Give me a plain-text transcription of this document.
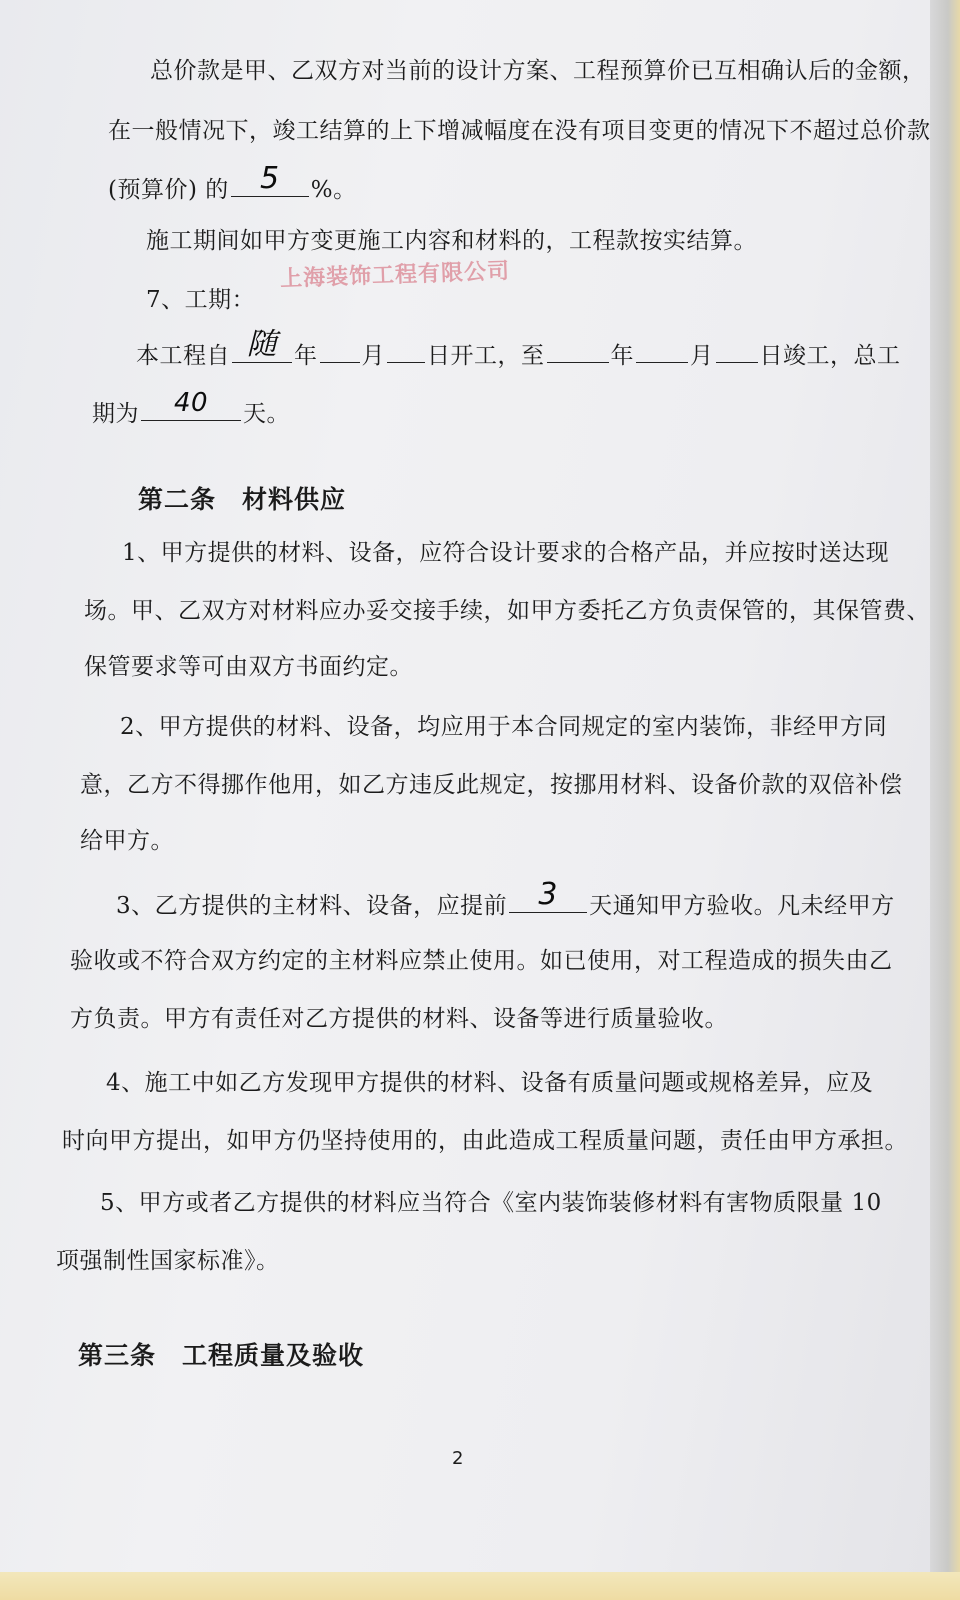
上海装饰工程有限公司
总价款是甲、乙双方对当前的设计方案、工程预算价已互相确认后的金额，
在一般情况下，竣工结算的上下增减幅度在没有项目变更的情况下不超过总价款
(预算价) 的 5 %。
施工期间如甲方变更施工内容和材料的，工程款按实结算。
7、工期：
本工程自 随 年 月 日开工，至	年 月 日竣工，总工
期为 40 天。
第二条　材料供应
1、甲方提供的材料、设备，应符合设计要求的合格产品，并应按时送达现
场。甲、乙双方对材料应办妥交接手续，如甲方委托乙方负责保管的，其保管费、
保管要求等可由双方书面约定。
2、甲方提供的材料、设备，均应用于本合同规定的室内装饰，非经甲方同
意，乙方不得挪作他用，如乙方违反此规定，按挪用材料、设备价款的双倍补偿
给甲方。
3、乙方提供的主材料、设备，应提前 3 天通知甲方验收。凡未经甲方
验收或不符合双方约定的主材料应禁止使用。如已使用，对工程造成的损失由乙
方负责。甲方有责任对乙方提供的材料、设备等进行质量验收。
4、施工中如乙方发现甲方提供的材料、设备有质量问题或规格差异，应及
时向甲方提出，如甲方仍坚持使用的，由此造成工程质量问题，责任由甲方承担。
5、甲方或者乙方提供的材料应当符合《室内装饰装修材料有害物质限量 10
项强制性国家标准》。
第三条　工程质量及验收
2
